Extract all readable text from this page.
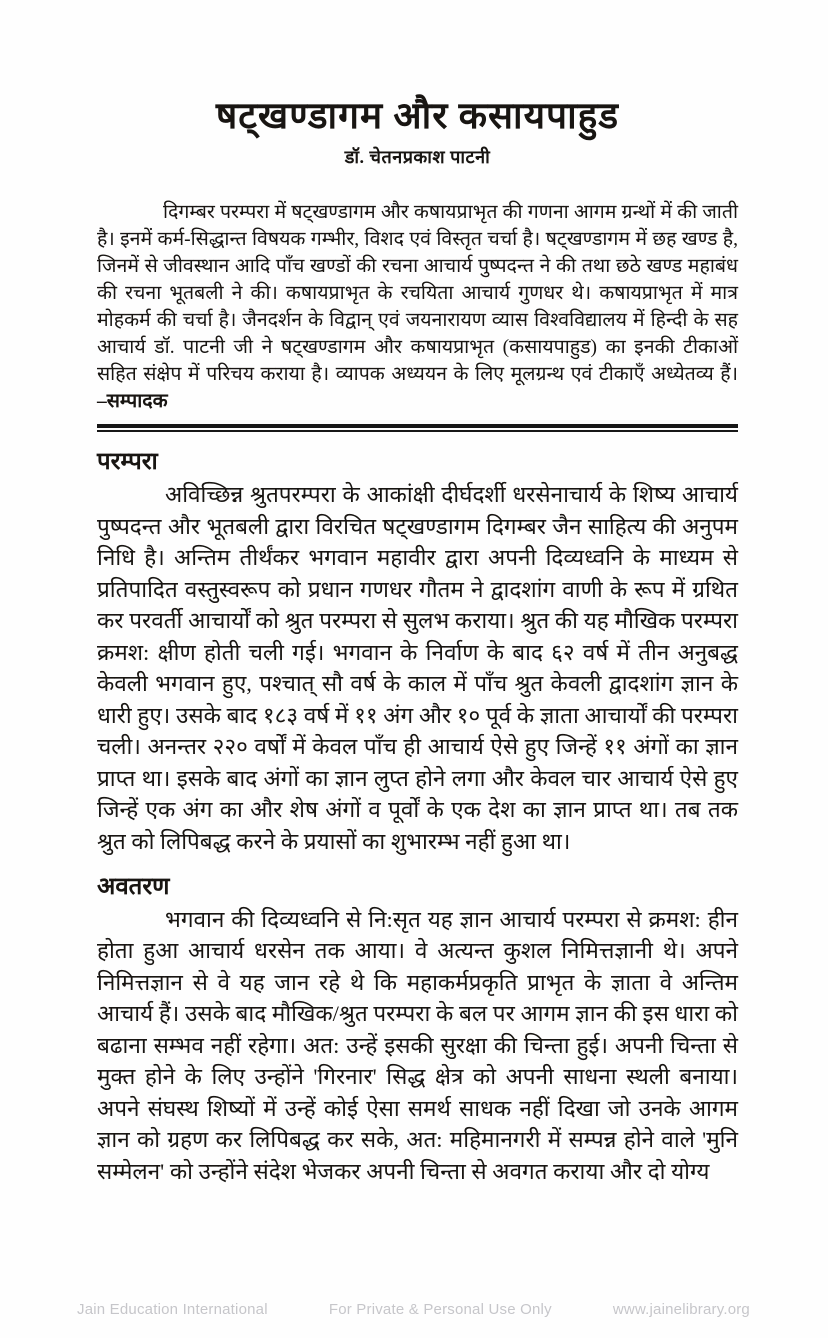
षट्खण्डागम और कसायपाहुड
डॉ. चेतनप्रकाश पाटनी

दिगम्बर परम्परा में षट्खण्डागम और कषायप्राभृत की गणना आगम ग्रन्थों में की जाती है। इनमें कर्म-सिद्धान्त विषयक गम्भीर, विशद एवं विस्तृत चर्चा है। षट्खण्डागम में छह खण्ड है, जिनमें से जीवस्थान आदि पाँच खण्डों की रचना आचार्य पुष्पदन्त ने की तथा छठे खण्ड महाबंध की रचना भूतबली ने की। कषायप्राभृत के रचयिता आचार्य गुणधर थे। कषायप्राभृत में मात्र मोहकर्म की चर्चा है। जैनदर्शन के विद्वान् एवं जयनारायण व्यास विश्वविद्यालय में हिन्दी के सह आचार्य डॉ. पाटनी जी ने षट्खण्डागम और कषायप्राभृत (कसायपाहुड) का इनकी टीकाओं सहित संक्षेप में परिचय कराया है। व्यापक अध्ययन के लिए मूलग्रन्थ एवं टीकाएँ अध्येतव्य हैं। –सम्पादक

परम्परा

अविच्छिन्न श्रुतपरम्परा के आकांक्षी दीर्घदर्शी धरसेनाचार्य के शिष्य आचार्य पुष्पदन्त और भूतबली द्वारा विरचित षट्खण्डागम दिगम्बर जैन साहित्य की अनुपम निधि है। अन्तिम तीर्थंकर भगवान महावीर द्वारा अपनी दिव्यध्वनि के माध्यम से प्रतिपादित वस्तुस्वरूप को प्रधान गणधर गौतम ने द्वादशांग वाणी के रूप में ग्रथित कर परवर्ती आचार्यों को श्रुत परम्परा से सुलभ कराया। श्रुत की यह मौखिक परम्परा क्रमश: क्षीण होती चली गई। भगवान के निर्वाण के बाद ६२ वर्ष में तीन अनुबद्ध केवली भगवान हुए, पश्चात् सौ वर्ष के काल में पाँच श्रुत केवली द्वादशांग ज्ञान के धारी हुए। उसके बाद १८३ वर्ष में ११ अंग और १० पूर्व के ज्ञाता आचार्यों की परम्परा चली। अनन्तर २२० वर्षों में केवल पाँच ही आचार्य ऐसे हुए जिन्हें ११ अंगों का ज्ञान प्राप्त था। इसके बाद अंगों का ज्ञान लुप्त होने लगा और केवल चार आचार्य ऐसे हुए जिन्हें एक अंग का और शेष अंगों व पूर्वों के एक देश का ज्ञान प्राप्त था। तब तक श्रुत को लिपिबद्ध करने के प्रयासों का शुभारम्भ नहीं हुआ था।

अवतरण

भगवान की दिव्यध्वनि से नि:सृत यह ज्ञान आचार्य परम्परा से क्रमश: हीन होता हुआ आचार्य धरसेन तक आया। वे अत्यन्त कुशल निमित्तज्ञानी थे। अपने निमित्तज्ञान से वे यह जान रहे थे कि महाकर्मप्रकृति प्राभृत के ज्ञाता वे अन्तिम आचार्य हैं। उसके बाद मौखिक/श्रुत परम्परा के बल पर आगम ज्ञान की इस धारा को बढाना सम्भव नहीं रहेगा। अत: उन्हें इसकी सुरक्षा की चिन्ता हुई। अपनी चिन्ता से मुक्त होने के लिए उन्होंने 'गिरनार' सिद्ध क्षेत्र को अपनी साधना स्थली बनाया। अपने संघस्थ शिष्यों में उन्हें कोई ऐसा समर्थ साधक नहीं दिखा जो उनके आगम ज्ञान को ग्रहण कर लिपिबद्ध कर सके, अत: महिमानगरी में सम्पन्न होने वाले 'मुनि सम्मेलन' को उन्होंने संदेश भेजकर अपनी चिन्ता से अवगत कराया और दो योग्य

Jain Education International	For Private & Personal Use Only	www.jainelibrary.org
